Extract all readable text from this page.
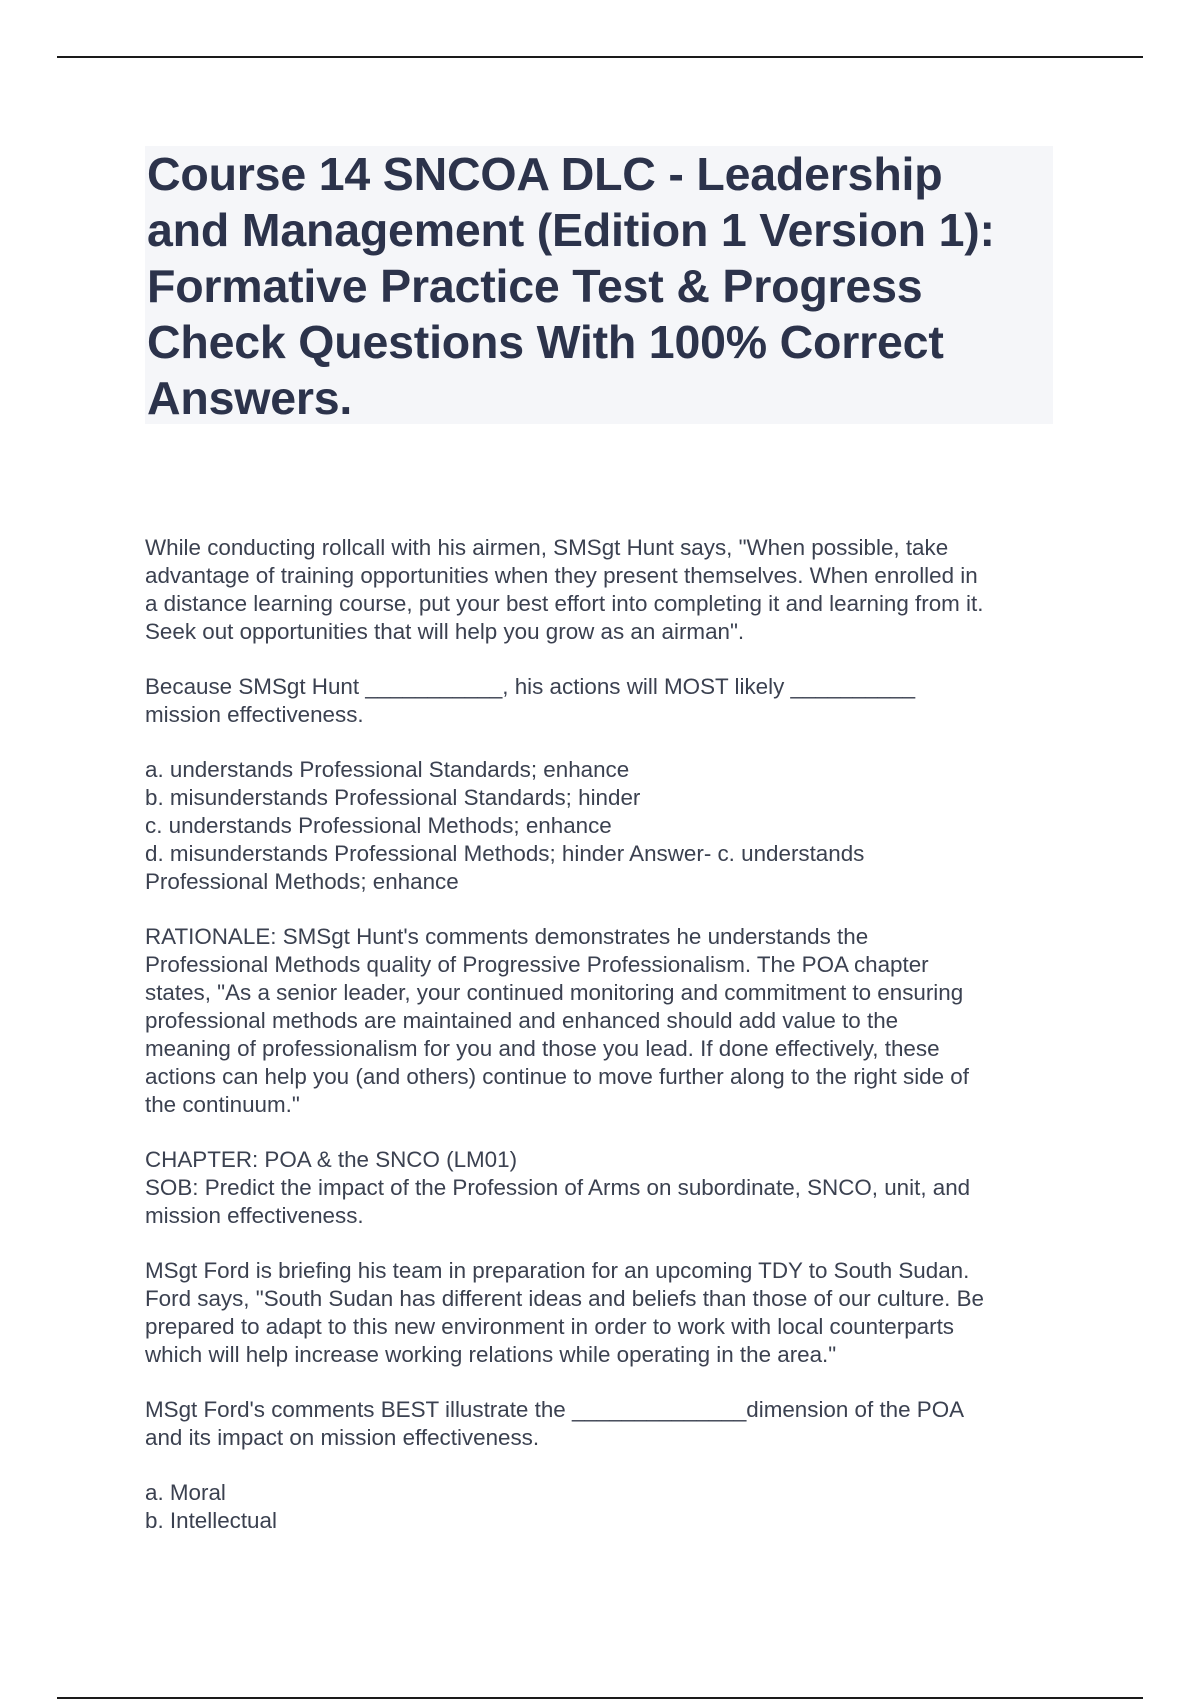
Course 14 SNCOA DLC - Leadership
and Management (Edition 1 Version 1):
Formative Practice Test & Progress
Check Questions With 100% Correct
Answers.

While conducting rollcall with his airmen, SMSgt Hunt says, "When possible, take
advantage of training opportunities when they present themselves. When enrolled in
a distance learning course, put your best effort into completing it and learning from it.
Seek out opportunities that will help you grow as an airman".

Because SMSgt Hunt ___________, his actions will MOST likely __________
mission effectiveness.

a. understands Professional Standards; enhance
b. misunderstands Professional Standards; hinder
c. understands Professional Methods; enhance
d. misunderstands Professional Methods; hinder Answer- c. understands
Professional Methods; enhance

RATIONALE: SMSgt Hunt's comments demonstrates he understands the
Professional Methods quality of Progressive Professionalism. The POA chapter
states, "As a senior leader, your continued monitoring and commitment to ensuring
professional methods are maintained and enhanced should add value to the
meaning of professionalism for you and those you lead. If done effectively, these
actions can help you (and others) continue to move further along to the right side of
the continuum."

CHAPTER: POA & the SNCO (LM01)
SOB: Predict the impact of the Profession of Arms on subordinate, SNCO, unit, and
mission effectiveness.

MSgt Ford is briefing his team in preparation for an upcoming TDY to South Sudan.
Ford says, "South Sudan has different ideas and beliefs than those of our culture. Be
prepared to adapt to this new environment in order to work with local counterparts
which will help increase working relations while operating in the area."

MSgt Ford's comments BEST illustrate the ______________dimension of the POA
and its impact on mission effectiveness.

a. Moral
b. Intellectual
